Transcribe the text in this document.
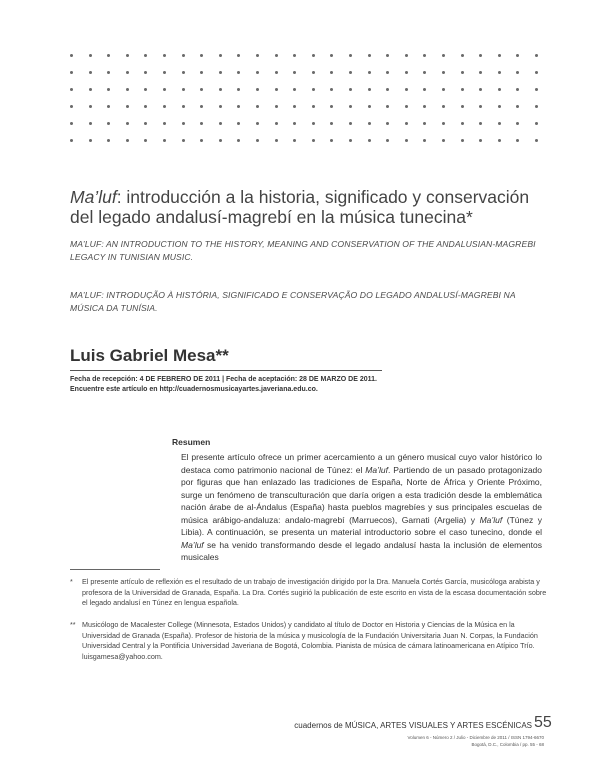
Ma’luf: introducción a la historia, significado y conservación del legado andalusí-magrebí en la música tunecina*

MA’LUF: AN INTRODUCTION TO THE HISTORY, MEANING AND CONSERVATION OF THE ANDALUSIAN-MAGREBI LEGACY IN TUNISIAN MUSIC.

MA’LUF: INTRODUÇÃO À HISTÓRIA, SIGNIFICADO E CONSERVAÇÃO DO LEGADO ANDALUSÍ-MAGREBI NA MÚSICA DA TUNÍSIA.

Luis Gabriel Mesa**
Fecha de recepción: 4 DE FEBRERO DE 2011 | Fecha de aceptación: 28 DE MARZO DE 2011.
Encuentre este artículo en http://cuadernosmusicayartes.javeriana.edu.co.
Resumen

El presente artículo ofrece un primer acercamiento a un género musical cuyo valor histórico lo destaca como patrimonio nacional de Túnez: el Ma’luf. Partiendo de un pasado protagonizado por figuras que han enlazado las tradiciones de España, Norte de África y Oriente Próximo, surge un fenómeno de transculturación que daría origen a esta tradición desde la emblemática nación árabe de al-Ándalus (España) hasta pueblos magrebíes y sus principales escuelas de música arábigo-andaluza: andalo-magrebí (Marruecos), Garnati (Argelia) y Ma’luf (Túnez y Libia). A continuación, se presenta un material introductorio sobre el caso tunecino, donde el Ma’luf se ha venido transformando desde el legado andalusí hasta la inclusión de elementos musicales

*	El presente artículo de reflexión es el resultado de un trabajo de investigación dirigido por la Dra. Manuela Cortés García, musicóloga arabista y profesora de la Universidad de Granada, España. La Dra. Cortés sugirió la publicación de este escrito en vista de la escasa documentación sobre el legado andalusí en Túnez en lengua española.

** Musicólogo de Macalester College (Minnesota, Estados Unidos) y candidato al título de Doctor en Historia y Ciencias de la Música en la Universidad de Granada (España). Profesor de historia de la música y musicología de la Fundación Universitaria Juan N. Corpas, la Fundación Universidad Central y la Pontificia Universidad Javeriana de Bogotá, Colombia. Pianista de música de cámara latinoamericana en Atípico Trío. luisgamesa@yahoo.com.

cuadernos de MÚSICA, ARTES VISUALES Y ARTES ESCÉNICAS 55
Volumen 6 - Número 2 / Julio - Diciembre de 2011 / ISSN 1794-6670
Bogotá, D.C., Colombia / pp. 55 - 68
